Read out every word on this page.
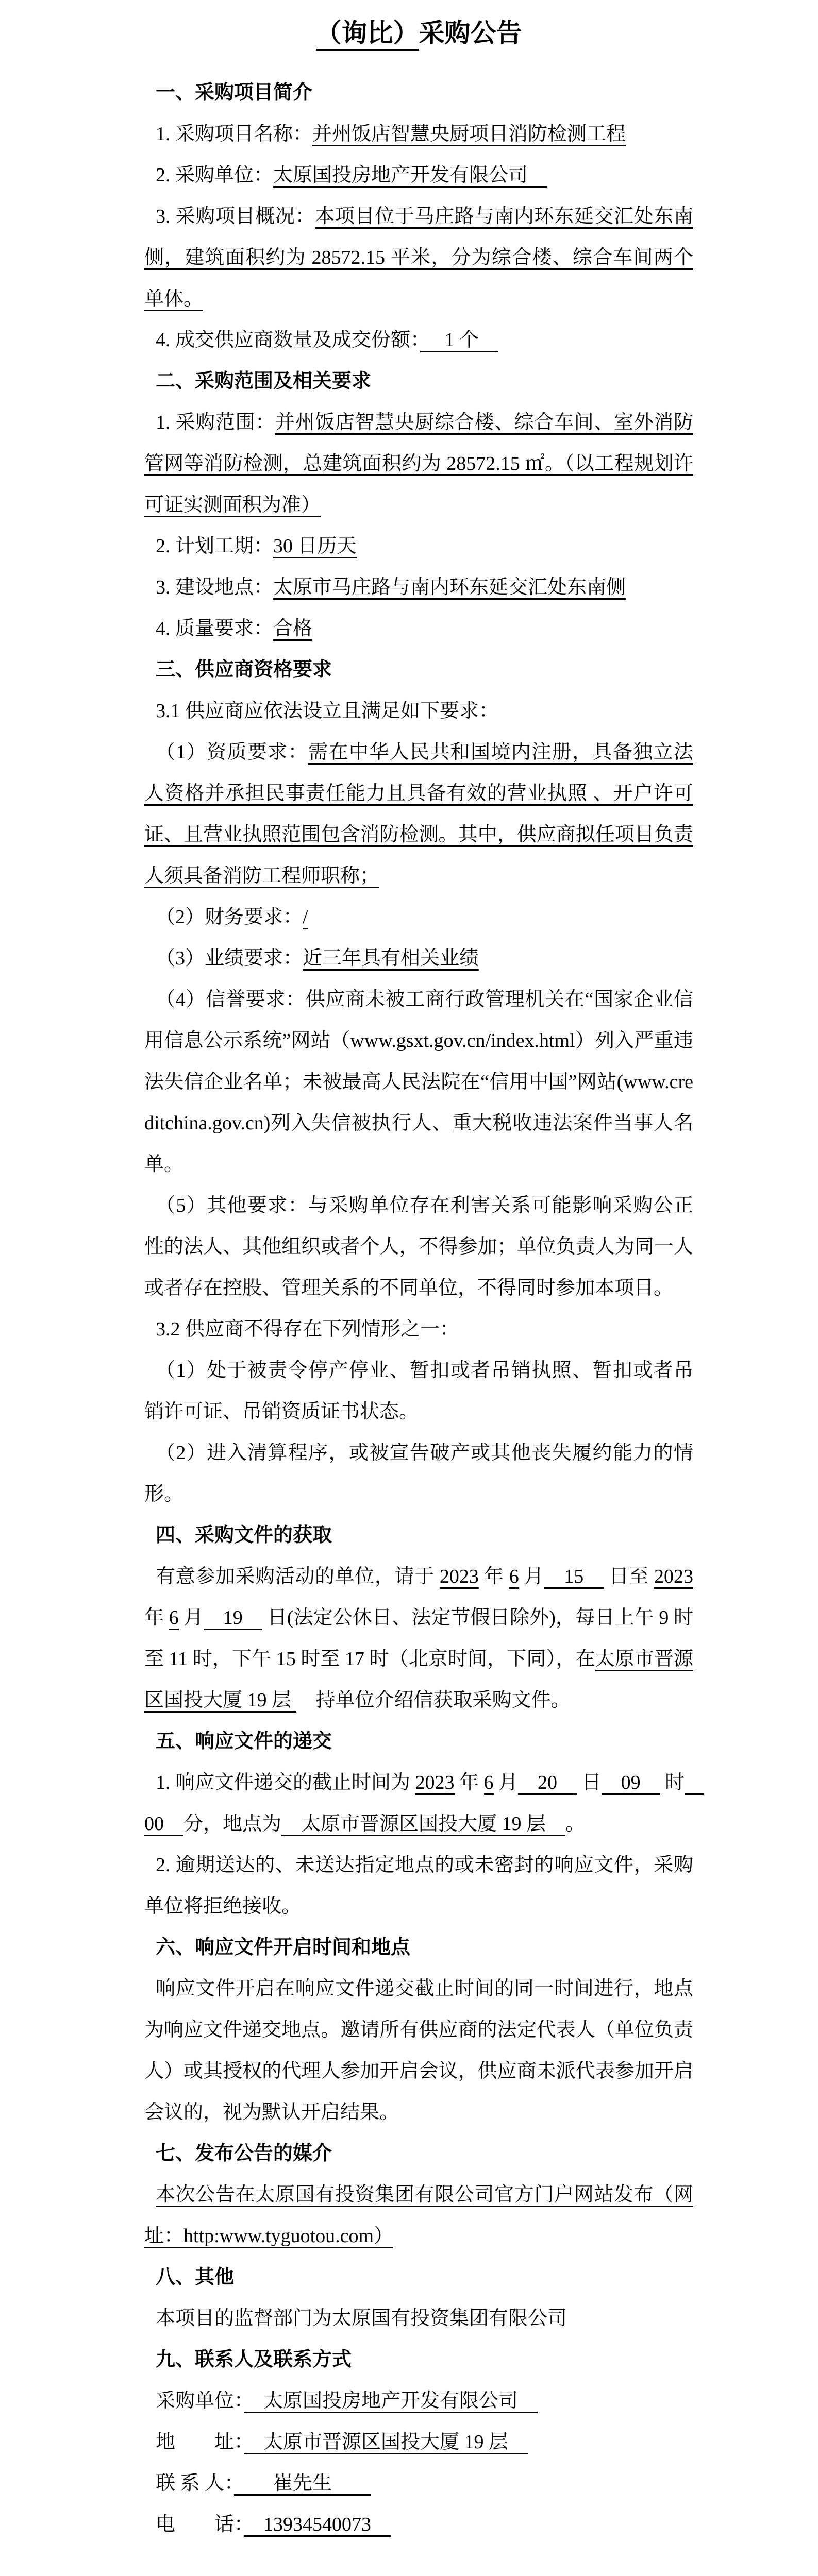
（询比）采购公告

一、采购项目简介

1. 采购项目名称：并州饭店智慧央厨项目消防检测工程

2. 采购单位：太原国投房地产开发有限公司　

3. 采购项目概况：本项目位于马庄路与南内环东延交汇处东南侧，建筑面积约为 28572.15 平米，分为综合楼、综合车间两个单体。

4. 成交供应商数量及成交份额：　 1 个　

二、采购范围及相关要求

1. 采购范围：并州饭店智慧央厨综合楼、综合车间、室外消防管网等消防检测，总建筑面积约为 28572.15 ㎡。（以工程规划许可证实测面积为准）

2. 计划工期：30 日历天

3. 建设地点：太原市马庄路与南内环东延交汇处东南侧

4. 质量要求：合格

三、供应商资格要求

3.1 供应商应依法设立且满足如下要求：

（1）资质要求：需在中华人民共和国境内注册，具备独立法人资格并承担民事责任能力且具备有效的营业执照 、开户许可证、且营业执照范围包含消防检测。其中，供应商拟任项目负责人须具备消防工程师职称；

（2）财务要求：/

（3）业绩要求：近三年具有相关业绩

（4）信誉要求：供应商未被工商行政管理机关在“国家企业信用信息公示系统”网站（www.gsxt.gov.cn/index.html）列入严重违法失信企业名单；未被最高人民法院在“信用中国”网站(www.creditchina.gov.cn)列入失信被执行人、重大税收违法案件当事人名单。

（5）其他要求：与采购单位存在利害关系可能影响采购公正性的法人、其他组织或者个人，不得参加；单位负责人为同一人或者存在控股、管理关系的不同单位，不得同时参加本项目。

3.2 供应商不得存在下列情形之一：

（1）处于被责令停产停业、暂扣或者吊销执照、暂扣或者吊销许可证、吊销资质证书状态。

（2）进入清算程序，或被宣告破产或其他丧失履约能力的情形。

四、采购文件的获取

有意参加采购活动的单位，请于 2023 年 6 月　15　 日至 2023 年 6 月　19　 日(法定公休日、法定节假日除外)，每日上午 9 时至 11 时，下午 15 时至 17 时（北京时间，下同），在太原市晋源区国投大厦 19 层 　持单位介绍信获取采购文件。

五、响应文件的递交

1. 响应文件递交的截止时间为 2023 年 6 月　20　 日　09　 时　00　分，地点为　太原市晋源区国投大厦 19 层　。

2. 逾期送达的、未送达指定地点的或未密封的响应文件，采购单位将拒绝接收。

六、响应文件开启时间和地点

响应文件开启在响应文件递交截止时间的同一时间进行，地点为响应文件递交地点。邀请所有供应商的法定代表人（单位负责人）或其授权的代理人参加开启会议，供应商未派代表参加开启会议的，视为默认开启结果。

七、发布公告的媒介

本次公告在太原国有投资集团有限公司官方门户网站发布（网址：http:www.tyguotou.com）

八、其他

本项目的监督部门为太原国有投资集团有限公司

九、联系人及联系方式

采购单位：　太原国投房地产开发有限公司　

地　　址：　太原市晋源区国投大厦 19 层　

联 系 人：　　崔先生　　

电　　话：　13934540073　
